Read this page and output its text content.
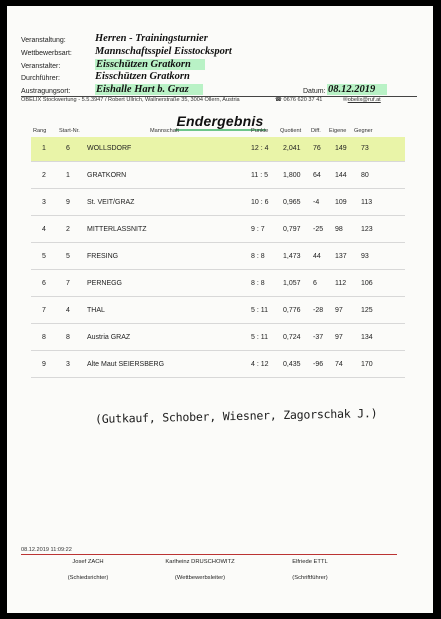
Veranstaltung:	Herren - Trainingsturnier
Wettbewerbsart: Mannschaftsspiel Eisstocksport
Veranstalter:	Eisschützen Gratkorn
Durchführer:	Eisschützen Gratkorn
Austragungsort: Eishalle Hart b. Graz	Datum: 08.12.2019
OBELIX Stockwertung - 5.5.3947 / Robert Ullrich, Wallnerstraße 35, 3004 Ollern, Austria	☎ 0676 620 37 41	✉obelix@ruf.at
Endergebnis
Rang Start-Nr.	Mannschaft	Punkte Quotient Diff. Eigene Gegner
1	6 WOLLSDORF	12 : 4 2,041 76 149 73
2	1 GRATKORN	11 : 5 1,800 64 144 80
3	9 St. VEIT/GRAZ	10 : 6 0,965 -4 109 113
4	2 MITTERLASSNITZ	9 : 7	0,797 -25 98	123
5	5 FRESING	8 : 8	1,473 44 137 93
6	7 PERNEGG	8 : 8	1,057 6	112 106
7	4 THAL	5 : 11 0,776 -28 97	125
8	8 Austria GRAZ	5 : 11 0,724 -37 97	134
9	3 Alte Maut SEIERSBERG	4 : 12 0,435 -96 74	170
(Gutkauf, Schober, Wiesner, Zagorschak J.)
08.12.2019 11:09:22
Josef ZACH
(Schiedsrichter)
Karlheinz DRUSCHOWITZ
(Wettbewerbsleiter)
Elfriede ETTL
(Schriftführer)
